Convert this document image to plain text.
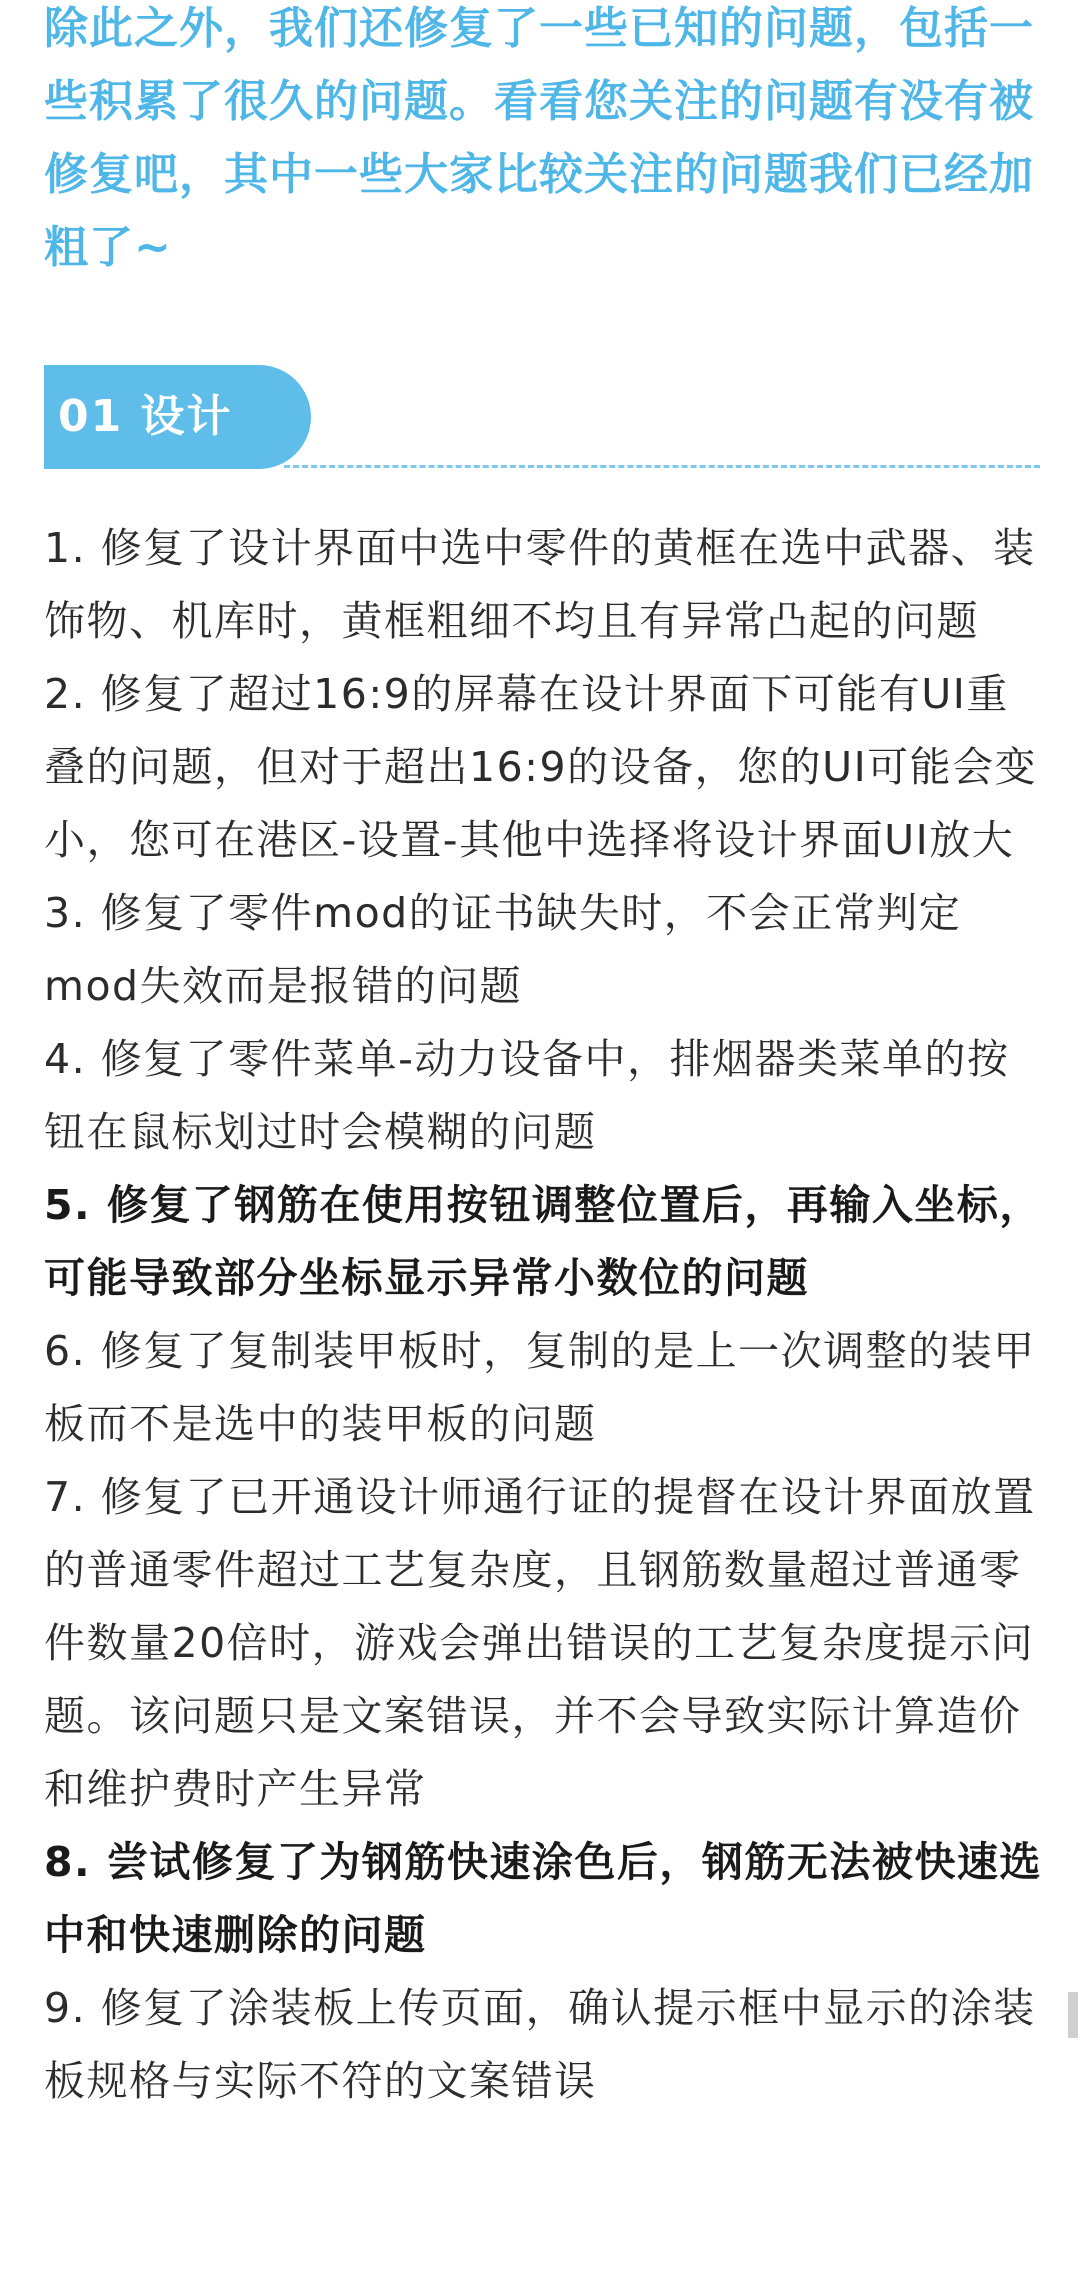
除此之外，我们还修复了一些已知的问题，包括一些积累了很久的问题。看看您关注的问题有没有被修复吧，其中一些大家比较关注的问题我们已经加粗了~

01 设计
1. 修复了设计界面中选中零件的黄框在选中武器、装饰物、机库时，黄框粗细不均且有异常凸起的问题
2. 修复了超过16:9的屏幕在设计界面下可能有UI重叠的问题，但对于超出16:9的设备，您的UI可能会变小，您可在港区-设置-其他中选择将设计界面UI放大
3. 修复了零件mod的证书缺失时，不会正常判定mod失效而是报错的问题
4. 修复了零件菜单-动力设备中，排烟器类菜单的按钮在鼠标划过时会模糊的问题
5. 修复了钢筋在使用按钮调整位置后，再输入坐标，可能导致部分坐标显示异常小数位的问题
6. 修复了复制装甲板时，复制的是上一次调整的装甲板而不是选中的装甲板的问题
7. 修复了已开通设计师通行证的提督在设计界面放置的普通零件超过工艺复杂度，且钢筋数量超过普通零件数量20倍时，游戏会弹出错误的工艺复杂度提示问题。该问题只是文案错误，并不会导致实际计算造价和维护费时产生异常
8. 尝试修复了为钢筋快速涂色后，钢筋无法被快速选中和快速删除的问题
9. 修复了涂装板上传页面，确认提示框中显示的涂装板规格与实际不符的文案错误
